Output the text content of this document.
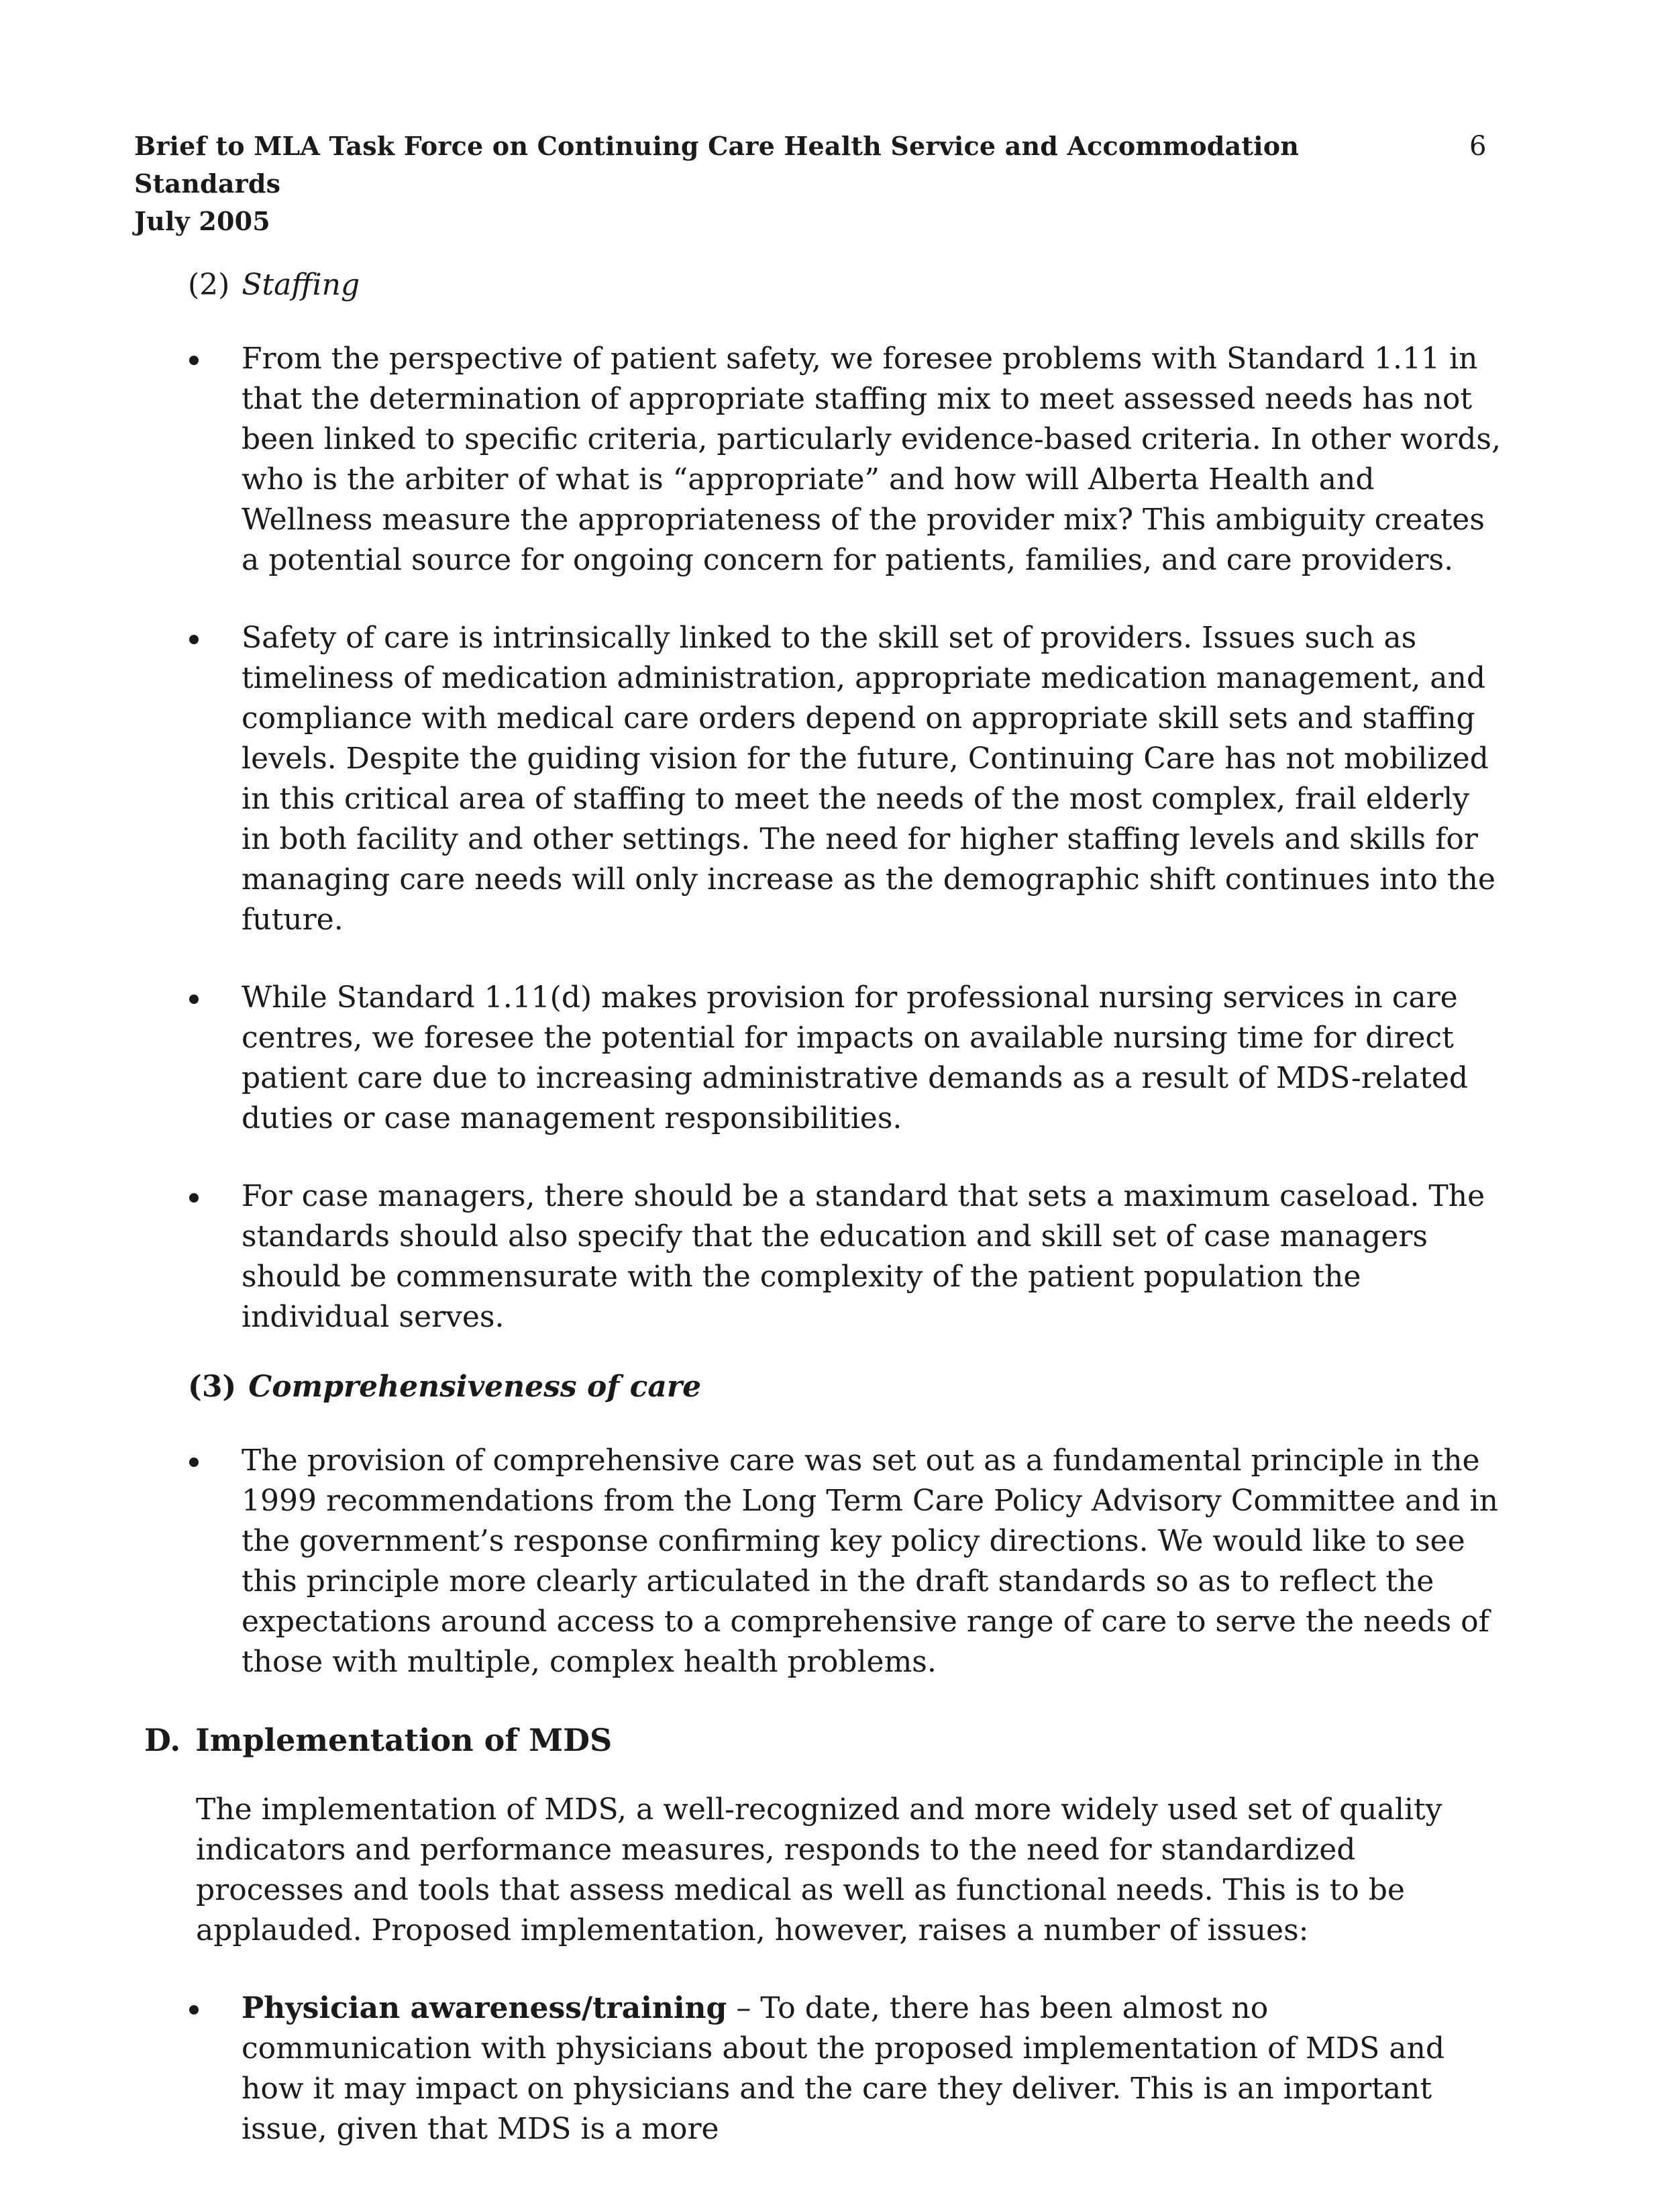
Brief to MLA Task Force on Continuing Care Health Service and Accommodation Standards
July 2005
6
(2) Staffing
From the perspective of patient safety, we foresee problems with Standard 1.11 in that the determination of appropriate staffing mix to meet assessed needs has not been linked to specific criteria, particularly evidence-based criteria. In other words, who is the arbiter of what is “appropriate” and how will Alberta Health and Wellness measure the appropriateness of the provider mix? This ambiguity creates a potential source for ongoing concern for patients, families, and care providers.
Safety of care is intrinsically linked to the skill set of providers. Issues such as timeliness of medication administration, appropriate medication management, and compliance with medical care orders depend on appropriate skill sets and staffing levels. Despite the guiding vision for the future, Continuing Care has not mobilized in this critical area of staffing to meet the needs of the most complex, frail elderly in both facility and other settings. The need for higher staffing levels and skills for managing care needs will only increase as the demographic shift continues into the future.
While Standard 1.11(d) makes provision for professional nursing services in care centres, we foresee the potential for impacts on available nursing time for direct patient care due to increasing administrative demands as a result of MDS-related duties or case management responsibilities.
For case managers, there should be a standard that sets a maximum caseload. The standards should also specify that the education and skill set of case managers should be commensurate with the complexity of the patient population the individual serves.
(3) Comprehensiveness of care
The provision of comprehensive care was set out as a fundamental principle in the 1999 recommendations from the Long Term Care Policy Advisory Committee and in the government’s response confirming key policy directions. We would like to see this principle more clearly articulated in the draft standards so as to reflect the expectations around access to a comprehensive range of care to serve the needs of those with multiple, complex health problems.
D. Implementation of MDS
The implementation of MDS, a well-recognized and more widely used set of quality indicators and performance measures, responds to the need for standardized processes and tools that assess medical as well as functional needs. This is to be applauded. Proposed implementation, however, raises a number of issues:
Physician awareness/training – To date, there has been almost no communication with physicians about the proposed implementation of MDS and how it may impact on physicians and the care they deliver. This is an important issue, given that MDS is a more
